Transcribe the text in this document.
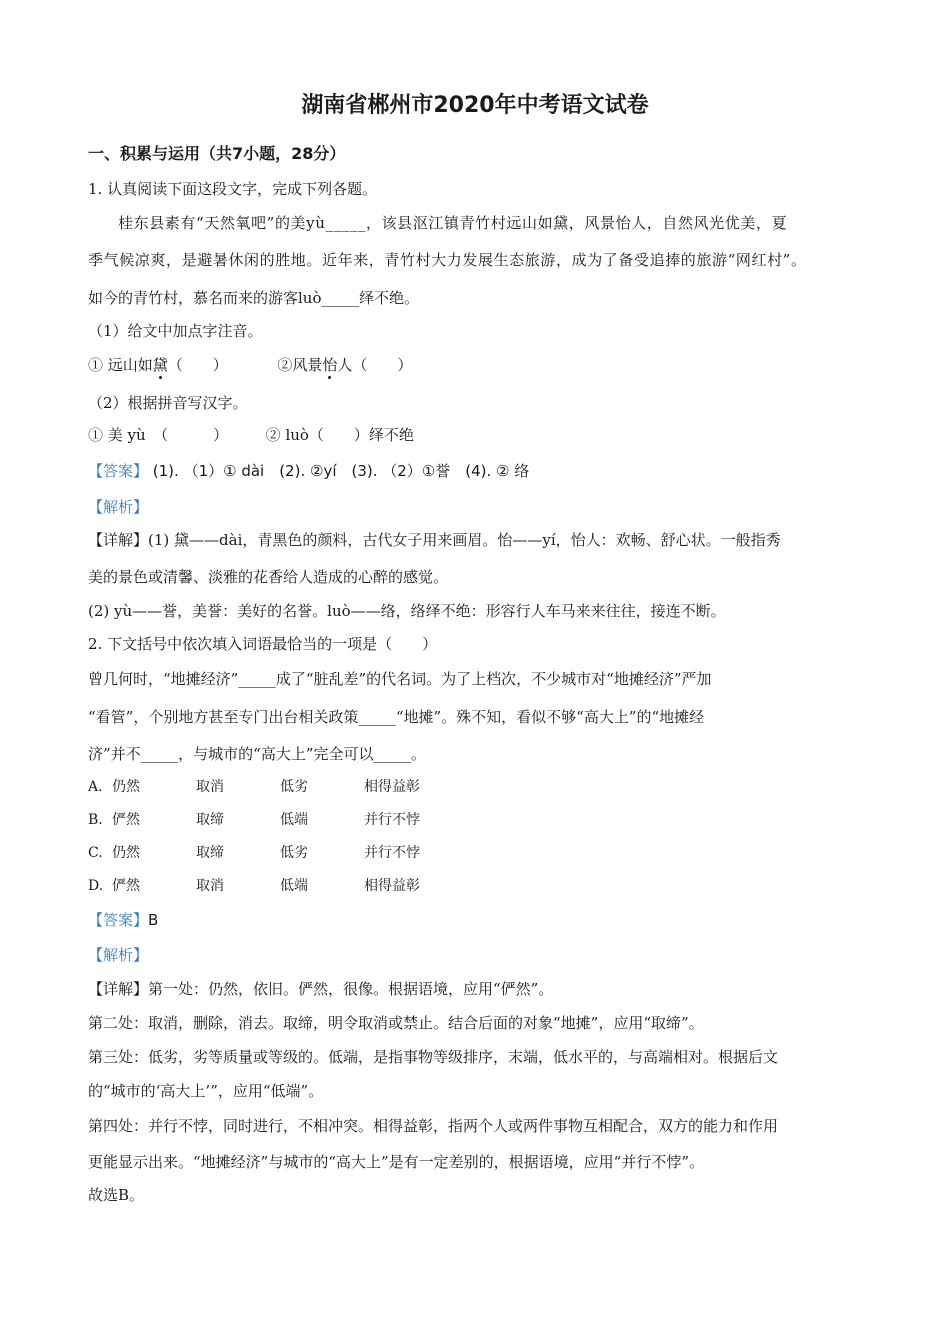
湖南省郴州市2020年中考语文试卷
一、积累与运用（共7小题，28分）
1. 认真阅读下面这段文字，完成下列各题。
桂东县素有“天然氧吧”的美yù_____，该县沤江镇青竹村远山如黛，风景怡人，自然风光优美，夏
季气候凉爽，是避暑休闲的胜地。近年来，青竹村大力发展生态旅游，成为了备受追捧的旅游“网红村”。
如今的青竹村，慕名而来的游客luò_____绎不绝。
（1）给文中加点字注音。
① 远山如黛（　　）	②风景怡人（　　）
（2）根据拼音写汉字。
① 美 yù　（　　　）　　　② luò（　　）绎不绝
【答案】 (1). （1）① dài　(2). ②yí　(3). （2）①誉　(4). ② 络
【解析】
【详解】(1) 黛——dài，青黑色的颜料，古代女子用来画眉。怡——yí，怡人：欢畅、舒心状。一般指秀
美的景色或清馨、淡雅的花香给人造成的心醉的感觉。
(2) yù——誉，美誉：美好的名誉。luò——络，络绎不绝：形容行人车马来来往往，接连不断。
2. 下文括号中依次填入词语最恰当的一项是（　　）
曾几何时，“地摊经济”_____成了“脏乱差”的代名词。为了上档次，不少城市对“地摊经济”严加
“看管”，个别地方甚至专门出台相关政策_____“地摊”。殊不知，看似不够“高大上”的“地摊经
济”并不_____，与城市的“高大上”完全可以_____。
A. 仍然	取消	低劣	相得益彰
B. 俨然	取缔	低端	并行不悖
C. 仍然	取缔	低劣	并行不悖
D. 俨然	取消	低端	相得益彰
【答案】B
【解析】
【详解】第一处：仍然，依旧。俨然，很像。根据语境，应用“俨然”。
第二处：取消，删除，消去。取缔，明令取消或禁止。结合后面的对象“地摊”，应用“取缔”。
第三处：低劣，劣等质量或等级的。低端，是指事物等级排序，末端，低水平的，与高端相对。根据后文
的“城市的‘高大上’”，应用“低端”。
第四处：并行不悖，同时进行，不相冲突。相得益彰，指两个人或两件事物互相配合，双方的能力和作用
更能显示出来。“地摊经济”与城市的“高大上”是有一定差别的，根据语境，应用“并行不悖”。
故选B。
